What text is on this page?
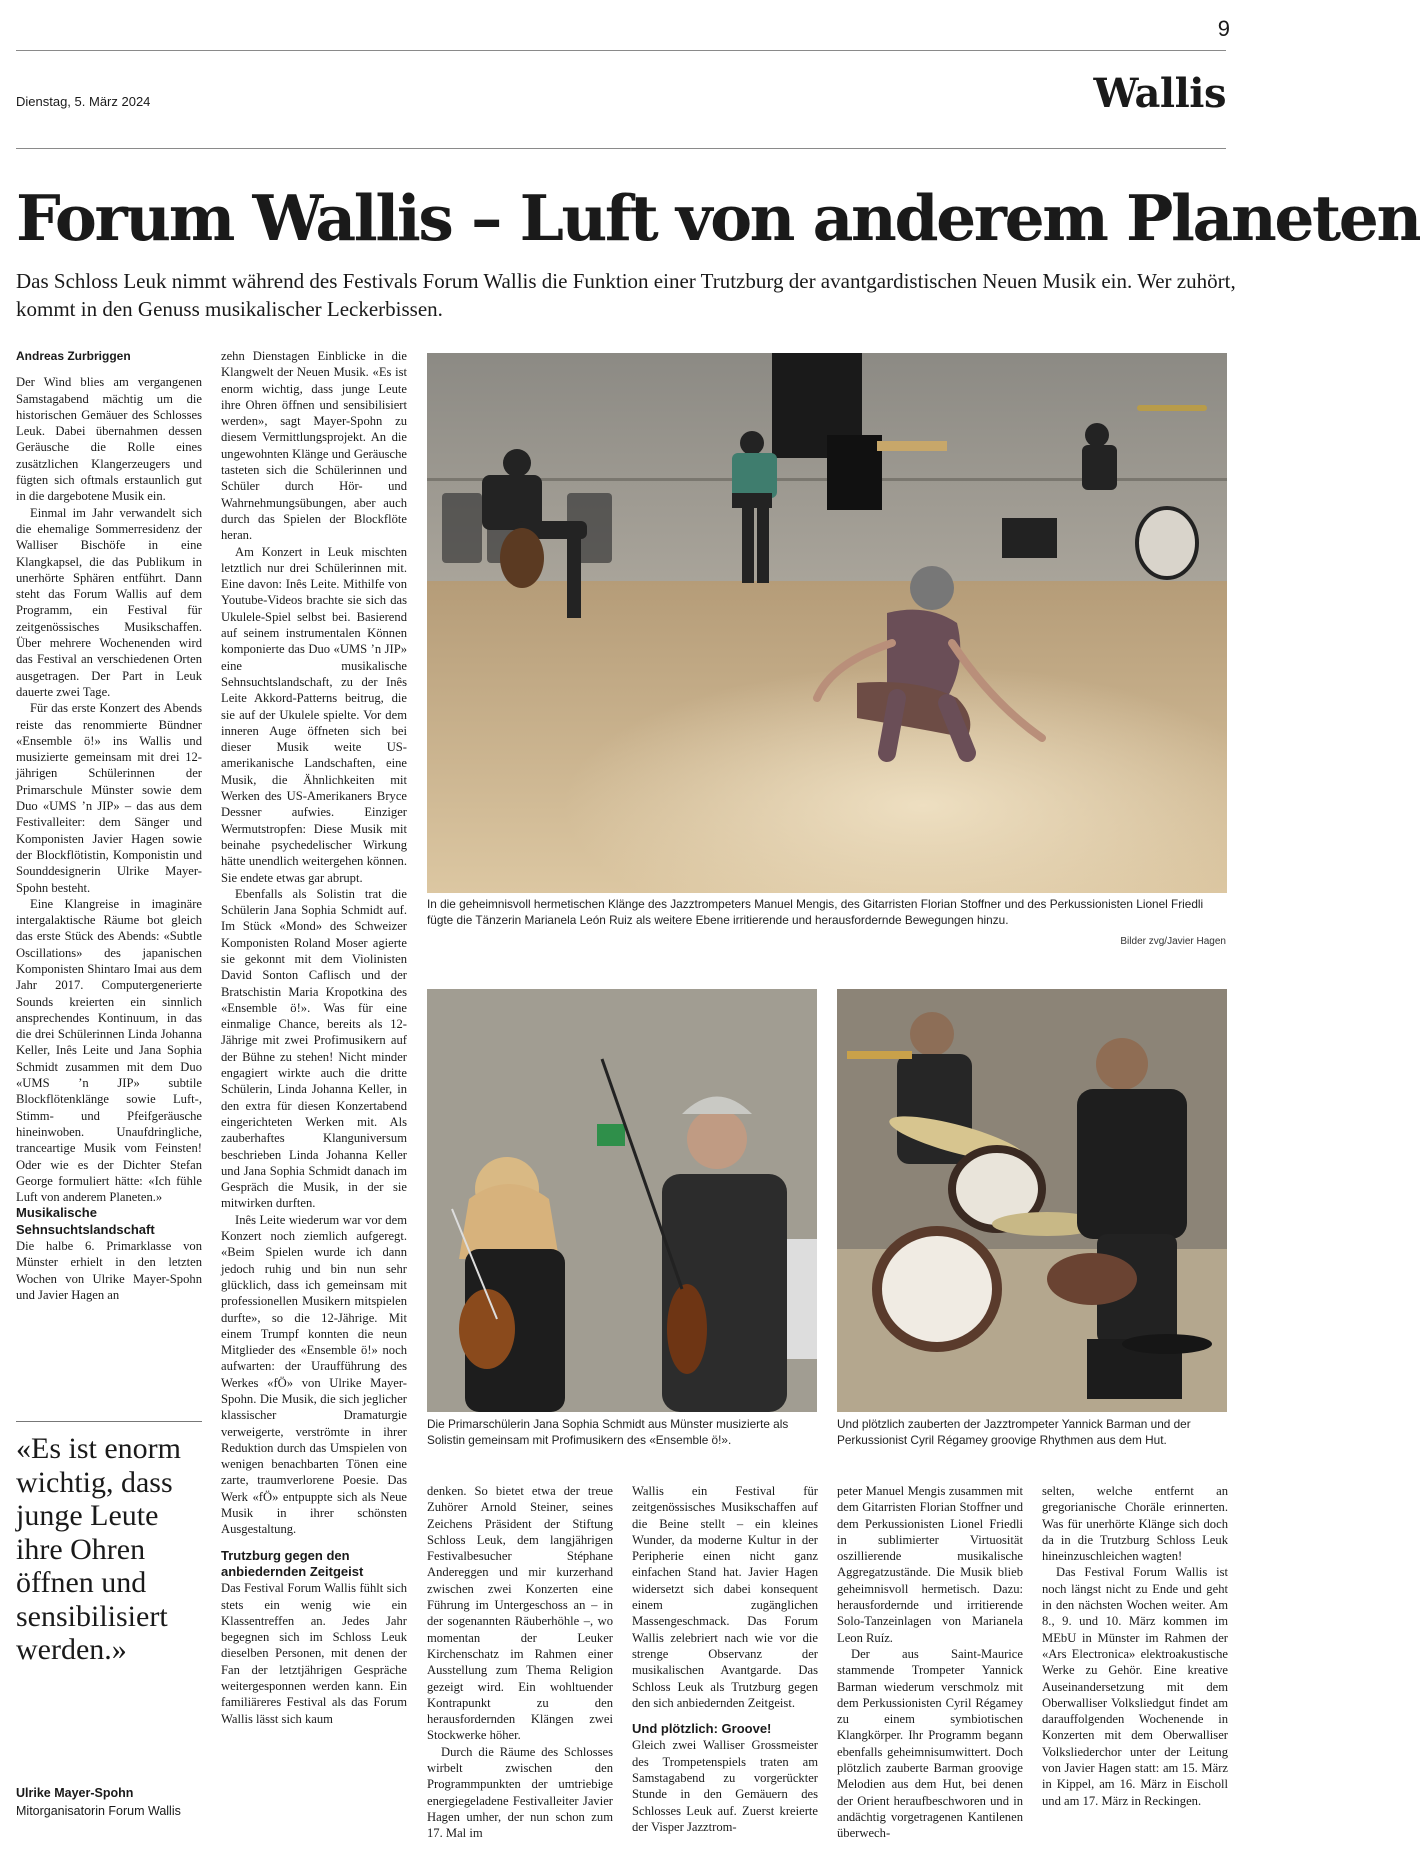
9
Dienstag, 5. März 2024	Wallis
Forum Wallis – Luft von anderem Planeten

Das Schloss Leuk nimmt während des Festivals Forum Wallis die Funktion einer Trutzburg der avantgardistischen Neuen Musik ein. Wer zuhört, kommt in den Genuss musikalischer Leckerbissen.

Andreas Zurbriggen

Der Wind blies am vergangenen Samstagabend mächtig um die historischen Gemäuer des Schlosses Leuk. Dabei übernahmen dessen Geräusche die Rolle eines zusätzlichen Klangerzeugers und fügten sich oftmals erstaunlich gut in die dargebotene Musik ein.

Einmal im Jahr verwandelt sich die ehemalige Sommerresidenz der Walliser Bischöfe in eine Klangkapsel, die das Publikum in unerhörte Sphären entführt. Dann steht das Forum Wallis auf dem Programm, ein Festival für zeitgenössisches Musikschaffen. Über mehrere Wochenenden wird das Festival an verschiedenen Orten ausgetragen. Der Part in Leuk dauerte zwei Tage.

Für das erste Konzert des Abends reiste das renommierte Bündner «Ensemble ö!» ins Wallis und musizierte gemeinsam mit drei 12-jährigen Schülerinnen der Primarschule Münster sowie dem Duo «UMS ’n JIP» – das aus dem Festivalleiter: dem Sänger und Komponisten Javier Hagen sowie der Blockflötistin, Komponistin und Sounddesignerin Ulrike Mayer-Spohn besteht.

Eine Klangreise in imaginäre intergalaktische Räume bot gleich das erste Stück des Abends: «Subtle Oscillations» des japanischen Komponisten Shintaro Imai aus dem Jahr 2017. Computergenerierte Sounds kreierten ein sinnlich ansprechendes Kontinuum, in das die drei Schülerinnen Linda Johanna Keller, Inês Leite und Jana Sophia Schmidt zusammen mit dem Duo «UMS ’n JIP» subtile Blockflötenklänge sowie Luft-, Stimm- und Pfeifgeräusche hineinwoben. Unaufdringliche, tranceartige Musik vom Feinsten! Oder wie es der Dichter Stefan George formuliert hätte: «Ich fühle Luft von anderem Planeten.»

Musikalische Sehnsuchtslandschaft

Die halbe 6. Primarklasse von Münster erhielt in den letzten Wochen von Ulrike Mayer-Spohn und Javier Hagen an

zehn Dienstagen Einblicke in die Klangwelt der Neuen Musik. «Es ist enorm wichtig, dass junge Leute ihre Ohren öffnen und sensibilisiert werden», sagt Mayer-Spohn zu diesem Vermittlungsprojekt. An die ungewohnten Klänge und Geräusche tasteten sich die Schülerinnen und Schüler durch Hör- und Wahrnehmungsübungen, aber auch durch das Spielen der Blockflöte heran.

Am Konzert in Leuk mischten letztlich nur drei Schülerinnen mit. Eine davon: Inês Leite. Mithilfe von Youtube-Videos brachte sie sich das Ukulele-Spiel selbst bei. Basierend auf seinem instrumentalen Können komponierte das Duo «UMS ’n JIP» eine musikalische Sehnsuchtslandschaft, zu der Inês Leite Akkord-Patterns beitrug, die sie auf der Ukulele spielte. Vor dem inneren Auge öffneten sich bei dieser Musik weite US-amerikanische Landschaften, eine Musik, die Ähnlichkeiten mit Werken des US-Amerikaners Bryce Dessner aufwies. Einziger Wermutstropfen: Diese Musik mit beinahe psychedelischer Wirkung hätte unendlich weitergehen können. Sie endete etwas gar abrupt.

Ebenfalls als Solistin trat die Schülerin Jana Sophia Schmidt auf. Im Stück «Mond» des Schweizer Komponisten Roland Moser agierte sie gekonnt mit dem Violinisten David Sonton Caflisch und der Bratschistin Maria Kropotkina des «Ensemble ö!». Was für eine einmalige Chance, bereits als 12-Jährige mit zwei Profimusikern auf der Bühne zu stehen! Nicht minder engagiert wirkte auch die dritte Schülerin, Linda Johanna Keller, in den extra für diesen Konzertabend eingerichteten Werken mit. Als zauberhaftes Klanguniversum beschrieben Linda Johanna Keller und Jana Sophia Schmidt danach im Gespräch die Musik, in der sie mitwirken durften.

Inês Leite wiederum war vor dem Konzert noch ziemlich aufgeregt. «Beim Spielen wurde ich dann jedoch ruhig und bin nun sehr glücklich, dass ich gemeinsam mit professionellen Musikern mitspielen durfte», so die 12-Jährige. Mit einem Trumpf konnten die neun Mitglieder des «Ensemble ö!» noch aufwarten: der Uraufführung des Werkes «fÖ» von Ulrike Mayer-Spohn. Die Musik, die sich jeglicher klassischer Dramaturgie verweigerte, verströmte in ihrer Reduktion durch das Umspielen von wenigen benachbarten Tönen eine zarte, traumverlorene Poesie. Das Werk «fÖ» entpuppte sich als Neue Musik in ihrer schönsten Ausgestaltung.

Trutzburg gegen den anbiedernden Zeitgeist

Das Festival Forum Wallis fühlt sich stets ein wenig wie ein Klassentreffen an. Jedes Jahr begegnen sich im Schloss Leuk dieselben Personen, mit denen der Fan der letztjährigen Gespräche weitergesponnen werden kann. Ein familiäreres Festival als das Forum Wallis lässt sich kaum

«Es ist enorm wichtig, dass junge Leute ihre Ohren öffnen und sensibilisiert werden.»
Ulrike Mayer-Spohn
Mitorganisatorin Forum Wallis
In die geheimnisvoll hermetischen Klänge des Jazztrompeters Manuel Mengis, des Gitarristen Florian Stoffner und des Perkussionisten Lionel Friedli fügte die Tänzerin Marianela León Ruiz als weitere Ebene irritierende und herausfordernde Bewegungen hinzu.
Bilder zvg/Javier Hagen
Die Primarschülerin Jana Sophia Schmidt aus Münster musizierte als Solistin gemeinsam mit Profimusikern des «Ensemble ö!».
Und plötzlich zauberten der Jazztrompeter Yannick Barman und der Perkussionist Cyril Régamey groovige Rhythmen aus dem Hut.

denken. So bietet etwa der treue Zuhörer Arnold Steiner, seines Zeichens Präsident der Stiftung Schloss Leuk, dem langjährigen Festivalbesucher Stéphane Andereggen und mir kurzerhand zwischen zwei Konzerten eine Führung im Untergeschoss an – in der sogenannten Räuberhöhle –, wo momentan der Leuker Kirchenschatz im Rahmen einer Ausstellung zum Thema Religion gezeigt wird. Ein wohltuender Kontrapunkt zu den herausfordernden Klängen zwei Stockwerke höher.

Durch die Räume des Schlosses wirbelt zwischen den Programmpunkten der umtriebige energiegeladene Festivalleiter Javier Hagen umher, der nun schon zum 17. Mal im

Wallis ein Festival für zeitgenössisches Musikschaffen auf die Beine stellt – ein kleines Wunder, da moderne Kultur in der Peripherie einen nicht ganz einfachen Stand hat. Javier Hagen widersetzt sich dabei konsequent einem zugänglichen Massengeschmack. Das Forum Wallis zelebriert nach wie vor die strenge Observanz der musikalischen Avantgarde. Das Schloss Leuk als Trutzburg gegen den sich anbiedernden Zeitgeist.

Und plötzlich: Groove!

Gleich zwei Walliser Grossmeister des Trompetenspiels traten am Samstagabend zu vorgerückter Stunde in den Gemäuern des Schlosses Leuk auf. Zuerst kreierte der Visper Jazztrom-

peter Manuel Mengis zusammen mit dem Gitarristen Florian Stoffner und dem Perkussionisten Lionel Friedli in sublimierter Virtuosität oszillierende musikalische Aggregatzustände. Die Musik blieb geheimnisvoll hermetisch. Dazu: herausfordernde und irritierende Solo-Tanzeinlagen von Marianela Leon Ruíz.

Der aus Saint-Maurice stammende Trompeter Yannick Barman wiederum verschmolz mit dem Perkussionisten Cyril Régamey zu einem symbiotischen Klangkörper. Ihr Programm begann ebenfalls geheimnisumwittert. Doch plötzlich zauberte Barman groovige Melodien aus dem Hut, bei denen der Orient heraufbeschworen und in andächtig vorgetragenen Kantilenen überwech-

selten, welche entfernt an gregorianische Choräle erinnerten. Was für unerhörte Klänge sich doch da in die Trutzburg Schloss Leuk hineinzuschleichen wagten!

Das Festival Forum Wallis ist noch längst nicht zu Ende und geht in den nächsten Wochen weiter. Am 8., 9. und 10. März kommen im MEbU in Münster im Rahmen der «Ars Electronica» elektroakustische Werke zu Gehör. Eine kreative Auseinandersetzung mit dem Oberwalliser Volksliedgut findet am darauffolgenden Wochenende in Konzerten mit dem Oberwalliser Volksliederchor unter der Leitung von Javier Hagen statt: am 15. März in Kippel, am 16. März in Eischoll und am 17. März in Reckingen.
